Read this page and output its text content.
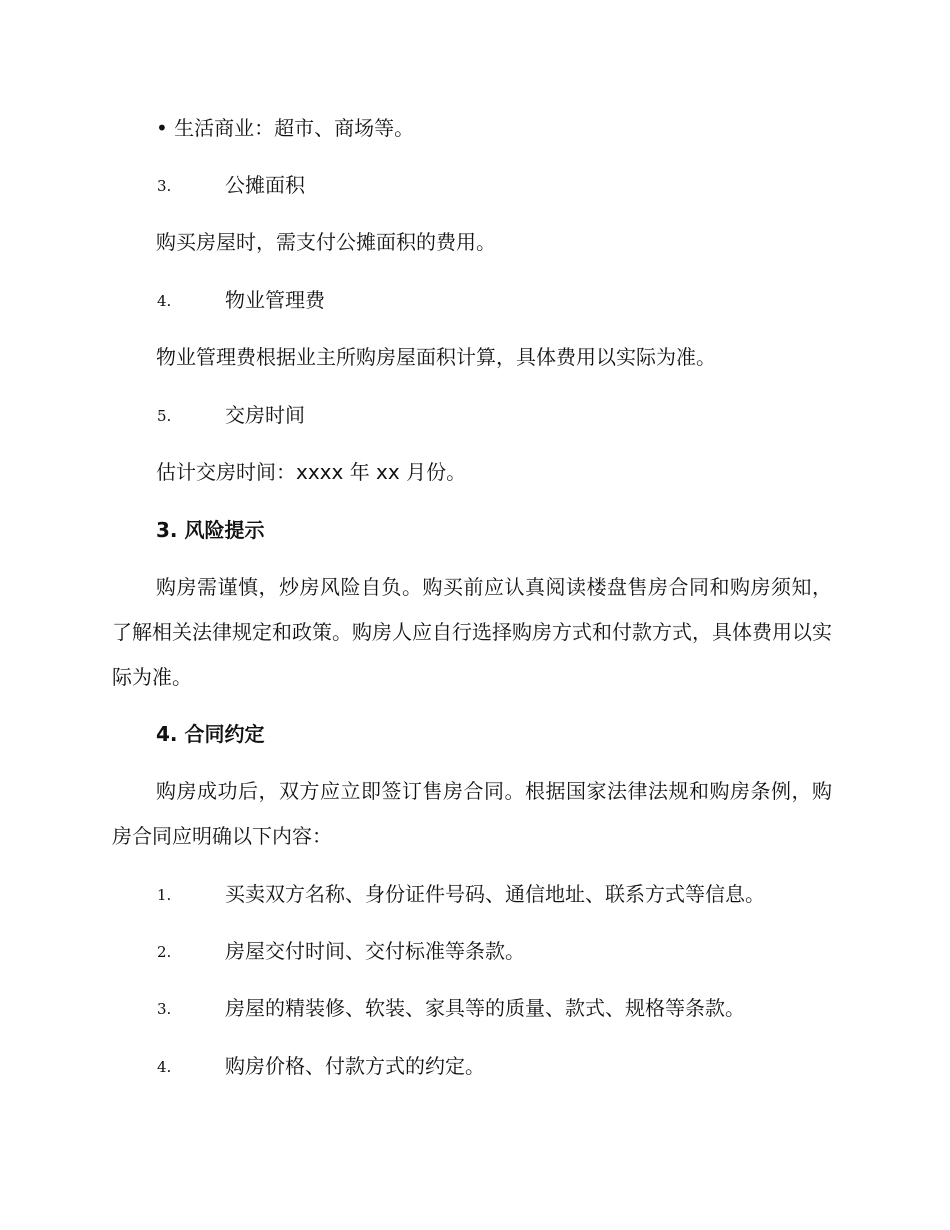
• 生活商业：超市、商场等。
3.	公摊面积
购买房屋时，需支付公摊面积的费用。
4.	物业管理费
物业管理费根据业主所购房屋面积计算，具体费用以实际为准。
5.	交房时间
估计交房时间：xxxx 年 xx 月份。
3. 风险提示
购房需谨慎，炒房风险自负。购买前应认真阅读楼盘售房合同和购房须知，了解相关法律规定和政策。购房人应自行选择购房方式和付款方式，具体费用以实际为准。
4. 合同约定
购房成功后，双方应立即签订售房合同。根据国家法律法规和购房条例，购房合同应明确以下内容：
1.	买卖双方名称、身份证件号码、通信地址、联系方式等信息。
2.	房屋交付时间、交付标准等条款。
3.	房屋的精装修、软装、家具等的质量、款式、规格等条款。
4.	购房价格、付款方式的约定。
